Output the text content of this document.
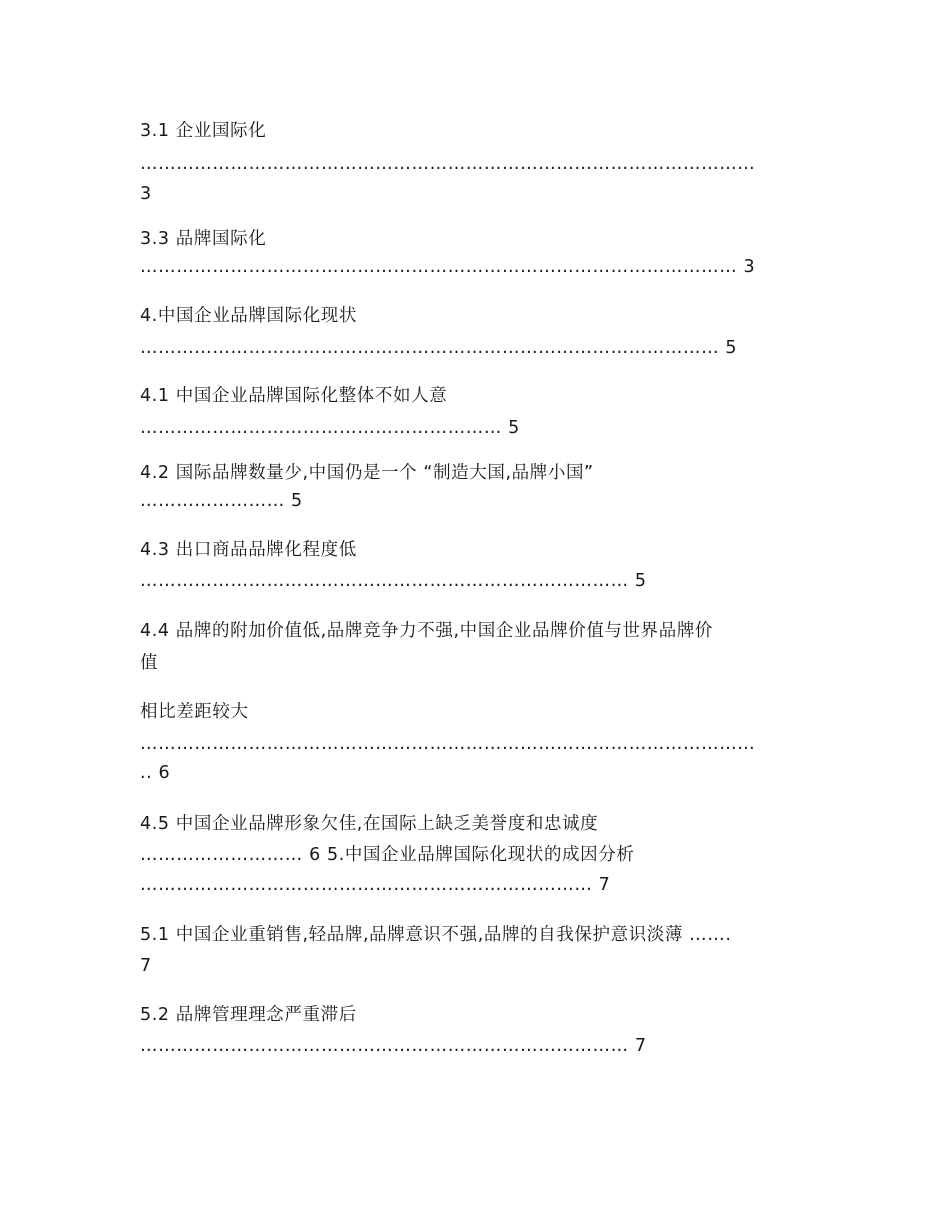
3.1 企业国际化
…………………………………………………………………………………………
3
3.3 品牌国际化
……………………………………………………………………………………… 3
4.中国企业品牌国际化现状
…………………………………………………………………………………… 5
4.1 中国企业品牌国际化整体不如人意
…………………………………………………… 5
4.2 国际品牌数量少,中国仍是一个 “制造大国,品牌小国”
…………………… 5
4.3 出口商品品牌化程度低
……………………………………………………………………… 5
4.4 品牌的附加价值低,品牌竞争力不强,中国企业品牌价值与世界品牌价
值
相比差距较大
…………………………………………………………………………………………
.. 6
4.5 中国企业品牌形象欠佳,在国际上缺乏美誉度和忠诚度
……………………… 6 5.中国企业品牌国际化现状的成因分析
………………………………………………………………… 7
5.1 中国企业重销售,轻品牌,品牌意识不强,品牌的自我保护意识淡薄 …….
7
5.2 品牌管理理念严重滞后
……………………………………………………………………… 7
